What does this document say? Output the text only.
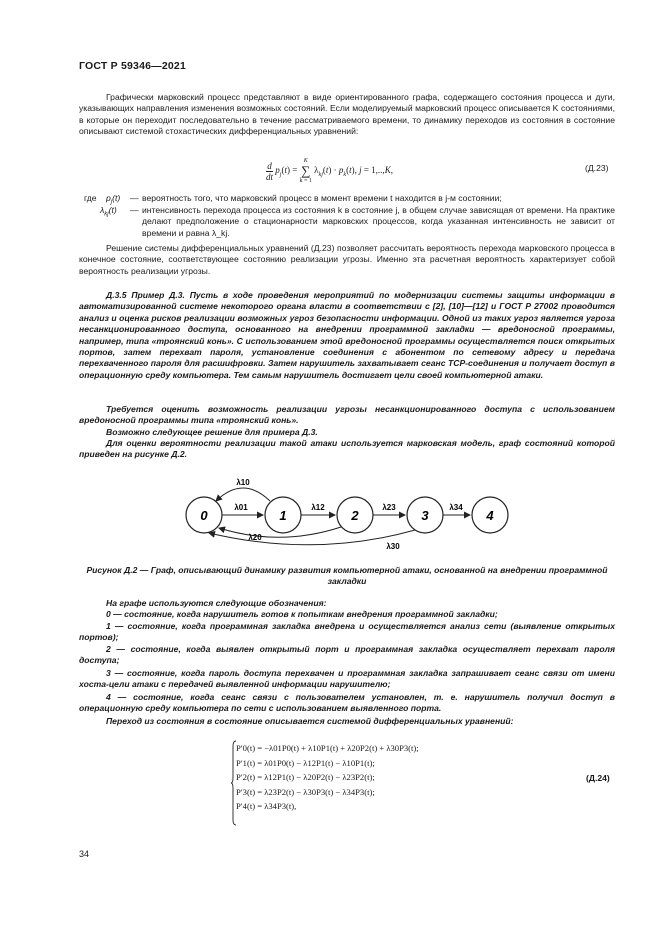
ГОСТ Р 59346—2021
Графически марковский процесс представляют в виде ориентированного графа, содержащего состояния процесса и дуги, указывающих направления изменения возможных состояний. Если моделируемый марковский процесс описывается K состояниями, в которые он переходит последовательно в течение рассматриваемого времени, то динамику переходов из состояния в состояние описывают системой стохастических дифференциальных уравнений:
$\frac{d}{dt} p_j(t)$ =
K
∑
k = 1
$\lambda_{kj}(t) \cdot p_k(t)$, j = 1,..,K,	(Д.23)
где $p_j(t)$ — вероятность того, что марковский процесс в момент времени t находится в j-м состоянии;
$\lambda_{kj}(t)$ — интенсивность перехода процесса из состояния k в состояние j, в общем случае зависящая от времени. На практике делают предположение о стационарности марковских процессов, когда указанная интенсивность не зависит от времени и равна λ_kj.
Решение системы дифференциальных уравнений (Д.23) позволяет рассчитать вероятность перехода марковского процесса в конечное состояние, соответствующее состоянию реализации угрозы. Именно эта расчетная вероятность характеризует собой вероятность реализации угрозы.
Д.3.5 Пример Д.3. Пусть в ходе проведения мероприятий по модернизации системы защиты информации в автоматизированной системе некоторого органа власти в соответствии с [2], [10]—[12] и ГОСТ Р 27002 проводится анализ и оценка рисков реализации возможных угроз безопасности информации. Одной из таких угроз является угроза несанкционированного доступа, основанного на внедрении программной закладки — вредоносной программы, например, типа «троянский конь». С использованием этой вредоносной программы осуществляется поиск открытых портов, затем перехват пароля, установление соединения с абонентом по сетевому адресу и передача перехваченного пароля для расшифровки. Затем нарушитель захватывает сеанс TCP-соединения и получает доступ в операционную среду компьютера. Тем самым нарушитель достигает цели своей компьютерной атаки.
Требуется оценить возможность реализации угрозы несанкционированного доступа с использованием вредоносной программы типа «троянский конь».
Возможно следующее решение для примера Д.3.
Для оценки вероятности реализации такой атаки используется марковская модель, граф состояний которой приведен на рисунке Д.2.
0	1	2	3	4
λ10
λ01	λ12	λ23	λ34
λ20
λ30
Рисунок Д.2 — Граф, описывающий динамику развития компьютерной атаки, основанной на внедрении программной закладки
На графе используются следующие обозначения:
0 — состояние, когда нарушитель готов к попыткам внедрения программной закладки;
1 — состояние, когда программная закладка внедрена и осуществляется анализ сети (выявление открытых портов);
2 — состояние, когда выявлен открытый порт и программная закладка осуществляет перехват пароля доступа;
3 — состояние, когда пароль доступа перехвачен и программная закладка запрашивает сеанс связи от имени хоста-цели атаки с передачей выявленной информации нарушителю;
4 — состояние, когда сеанс связи с пользователем установлен, т. е. нарушитель получил доступ в операционную среду компьютера по сети с использованием выявленного порта.
Переход из состояния в состояние описывается системой дифференциальных уравнений:
P′0(t) = −λ01P0(t) + λ10P1(t) + λ20P2(t) + λ30P3(t);
P′1(t) = λ01P0(t) − λ12P1(t) − λ10P1(t);
P′2(t) = λ12P1(t) − λ20P2(t) − λ23P2(t);
P′3(t) = λ23P2(t) − λ30P3(t) − λ34P3(t);
P′4(t) = λ34P3(t),
(Д.24)
34
